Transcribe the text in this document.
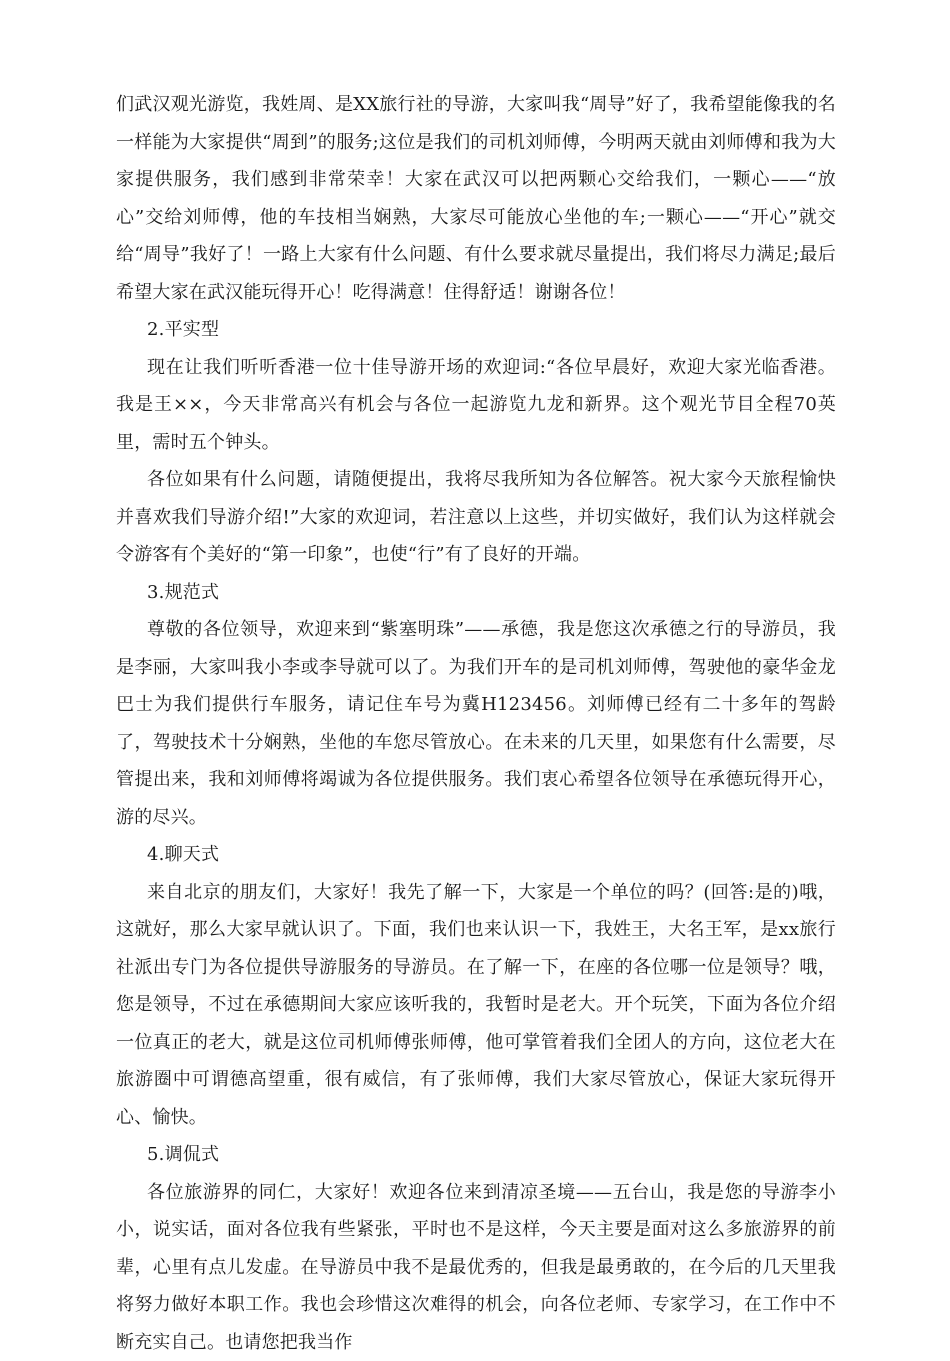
们武汉观光游览，我姓周、是XX旅行社的导游，大家叫我“周导”好了，我希望能像我的名一样能为大家提供“周到”的服务;这位是我们的司机刘师傅，今明两天就由刘师傅和我为大家提供服务，我们感到非常荣幸！大家在武汉可以把两颗心交给我们，一颗心——“放心”交给刘师傅，他的车技相当娴熟，大家尽可能放心坐他的车;一颗心——“开心”就交给“周导”我好了！一路上大家有什么问题、有什么要求就尽量提出，我们将尽力满足;最后希望大家在武汉能玩得开心！吃得满意！住得舒适！谢谢各位！

2.平实型

现在让我们听听香港一位十佳导游开场的欢迎词:“各位早晨好，欢迎大家光临香港。我是王××，今天非常高兴有机会与各位一起游览九龙和新界。这个观光节目全程70英里，需时五个钟头。

各位如果有什么问题，请随便提出，我将尽我所知为各位解答。祝大家今天旅程愉快并喜欢我们导游介绍!”大家的欢迎词，若注意以上这些，并切实做好，我们认为这样就会令游客有个美好的“第一印象”，也使“行”有了良好的开端。

3.规范式

尊敬的各位领导，欢迎来到“紫塞明珠”——承德，我是您这次承德之行的导游员，我是李丽，大家叫我小李或李导就可以了。为我们开车的是司机刘师傅，驾驶他的豪华金龙巴士为我们提供行车服务，请记住车号为冀H123456。刘师傅已经有二十多年的驾龄了，驾驶技术十分娴熟，坐他的车您尽管放心。在未来的几天里，如果您有什么需要，尽管提出来，我和刘师傅将竭诚为各位提供服务。我们衷心希望各位领导在承德玩得开心，游的尽兴。

4.聊天式

来自北京的朋友们，大家好！我先了解一下，大家是一个单位的吗？(回答:是的)哦，这就好，那么大家早就认识了。下面，我们也来认识一下，我姓王，大名王军，是xx旅行社派出专门为各位提供导游服务的导游员。在了解一下，在座的各位哪一位是领导？哦，您是领导，不过在承德期间大家应该听我的，我暂时是老大。开个玩笑，下面为各位介绍一位真正的老大，就是这位司机师傅张师傅，他可掌管着我们全团人的方向，这位老大在旅游圈中可谓德高望重，很有威信，有了张师傅，我们大家尽管放心，保证大家玩得开心、愉快。

5.调侃式

各位旅游界的同仁，大家好！欢迎各位来到清凉圣境——五台山，我是您的导游李小小，说实话，面对各位我有些紧张，平时也不是这样，今天主要是面对这么多旅游界的前辈，心里有点儿发虚。在导游员中我不是最优秀的，但我是最勇敢的，在今后的几天里我将努力做好本职工作。我也会珍惜这次难得的机会，向各位老师、专家学习，在工作中不断充实自己。也请您把我当作
